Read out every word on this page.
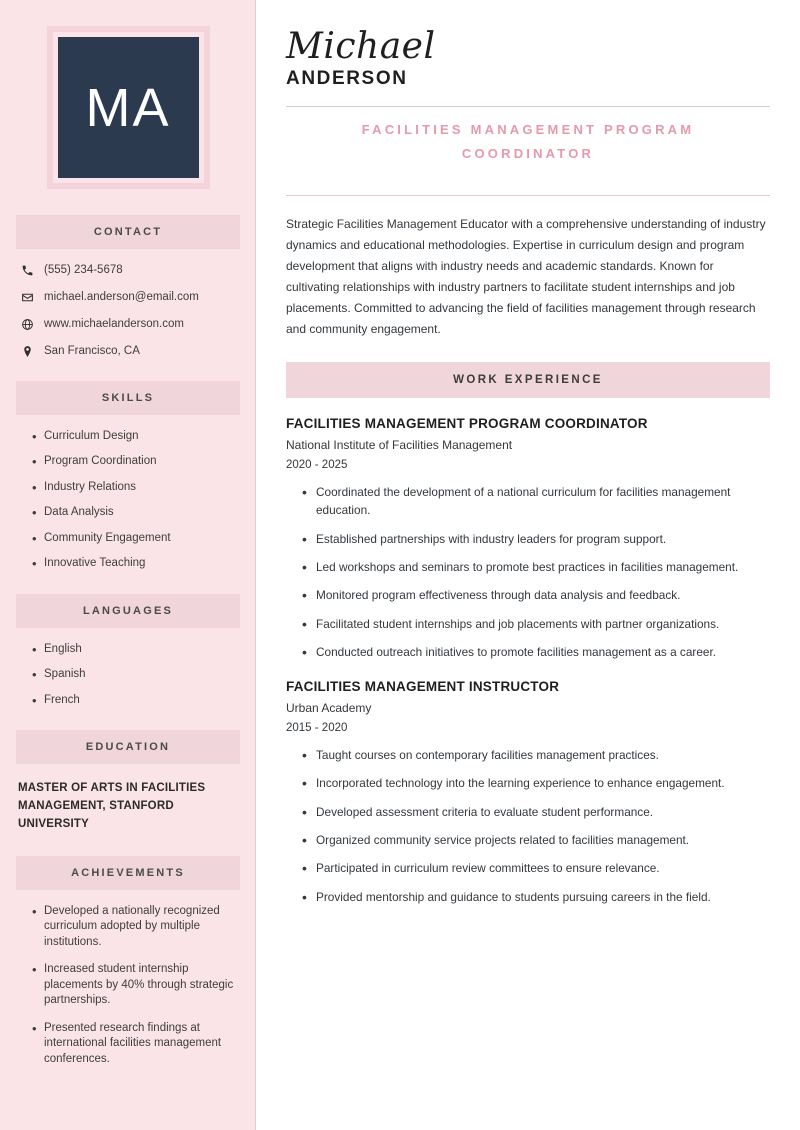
MA
CONTACT
(555) 234-5678
michael.anderson@email.com
www.michaelanderson.com
San Francisco, CA
SKILLS
• Curriculum Design
• Program Coordination
• Industry Relations
• Data Analysis
• Community Engagement
• Innovative Teaching
LANGUAGES
• English
• Spanish
• French
EDUCATION
MASTER OF ARTS IN FACILITIES MANAGEMENT, STANFORD UNIVERSITY
ACHIEVEMENTS
• Developed a nationally recognized curriculum adopted by multiple institutions.
• Increased student internship placements by 40% through strategic partnerships.
• Presented research findings at international facilities management conferences.
Michael
ANDERSON
FACILITIES MANAGEMENT PROGRAM COORDINATOR

Strategic Facilities Management Educator with a comprehensive understanding of industry dynamics and educational methodologies. Expertise in curriculum design and program development that aligns with industry needs and academic standards. Known for cultivating relationships with industry partners to facilitate student internships and job placements. Committed to advancing the field of facilities management through research and community engagement.

WORK EXPERIENCE
FACILITIES MANAGEMENT PROGRAM COORDINATOR
National Institute of Facilities Management
2020 - 2025
• Coordinated the development of a national curriculum for facilities management education.
• Established partnerships with industry leaders for program support.
• Led workshops and seminars to promote best practices in facilities management.
• Monitored program effectiveness through data analysis and feedback.
• Facilitated student internships and job placements with partner organizations.
• Conducted outreach initiatives to promote facilities management as a career.
FACILITIES MANAGEMENT INSTRUCTOR
Urban Academy
2015 - 2020
• Taught courses on contemporary facilities management practices.
• Incorporated technology into the learning experience to enhance engagement.
• Developed assessment criteria to evaluate student performance.
• Organized community service projects related to facilities management.
• Participated in curriculum review committees to ensure relevance.
• Provided mentorship and guidance to students pursuing careers in the field.
